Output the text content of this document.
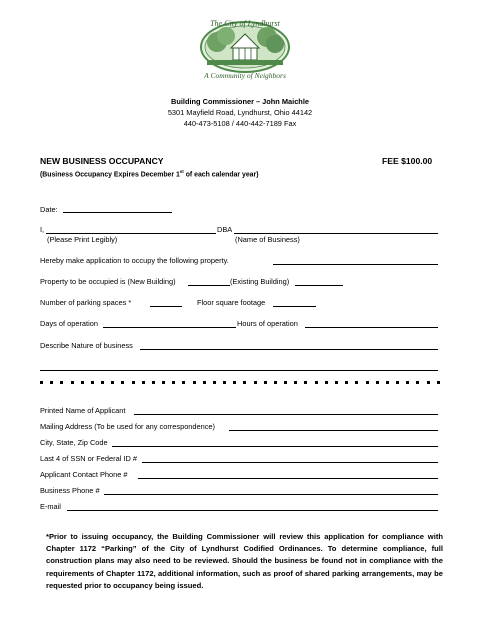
The City of Lyndhurst
A Community of Neighbors
Building Commissioner – John Maichle
5301 Mayfield Road, Lyndhurst, Ohio 44142
440-473-5108 / 440-442-7189 Fax
NEW BUSINESS OCCUPANCY	FEE $100.00
(Business Occupancy Expires December 1st of each calendar year)
Date:
I,	DBA
(Please Print Legibly)	(Name of Business)
Hereby make application to occupy the following property.
Property to be occupied is (New Building)	(Existing Building)
Number of parking spaces *	Floor square footage
Days of operation	Hours of operation
Describe Nature of business
Printed Name of Applicant
Mailing Address (To be used for any correspondence)
City, State, Zip Code
Last 4 of SSN or Federal ID #
Applicant Contact Phone #
Business Phone #
E-mail
*Prior to issuing occupancy, the Building Commissioner will review this application for compliance with Chapter 1172 “Parking” of the City of Lyndhurst Codified Ordinances. To determine compliance, full construction plans may also need to be reviewed. Should the business be found not in compliance with the requirements of Chapter 1172, additional information, such as proof of shared parking arrangements, may be requested prior to occupancy being issued.
